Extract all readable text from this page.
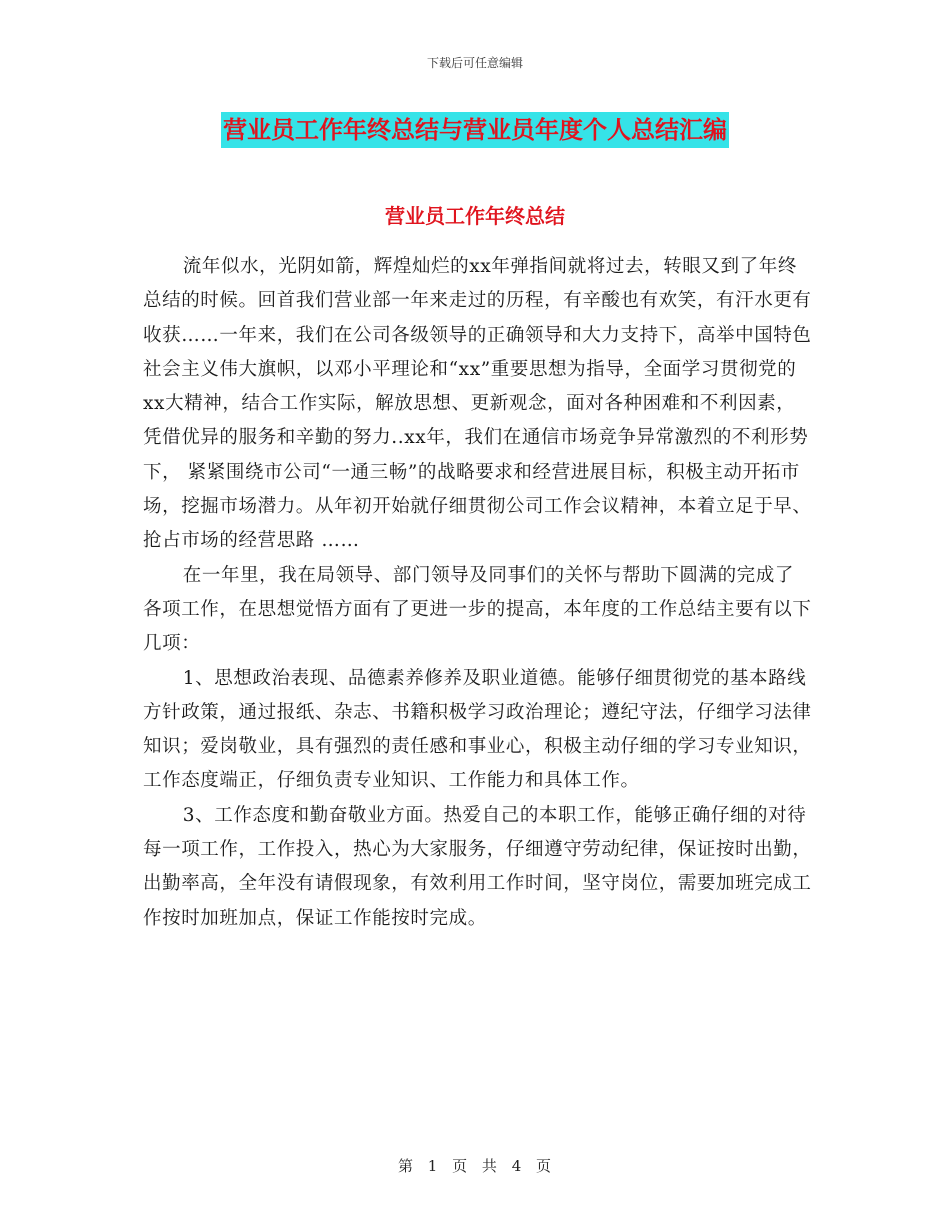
下载后可任意编辑
营业员工作年终总结与营业员年度个人总结汇编
营业员工作年终总结

流年似水，光阴如箭，辉煌灿烂的xx年弹指间就将过去，转眼又到了年终总结的时候。回首我们营业部一年来走过的历程，有辛酸也有欢笑，有汗水更有收获……一年来，我们在公司各级领导的正确领导和大力支持下，高举中国特色社会主义伟大旗帜，以邓小平理论和“xx”重要思想为指导，全面学习贯彻党的xx大精神，结合工作实际，解放思想、更新观念，面对各种困难和不利因素，凭借优异的服务和辛勤的努力..xx年，我们在通信市场竞争异常激烈的不利形势下， 紧紧围绕市公司“一通三畅”的战略要求和经营进展目标，积极主动开拓市场，挖掘市场潜力。从年初开始就仔细贯彻公司工作会议精神，本着立足于早、抢占市场的经营思路 ……

在一年里，我在局领导、部门领导及同事们的关怀与帮助下圆满的完成了各项工作，在思想觉悟方面有了更进一步的提高，本年度的工作总结主要有以下几项：

1、思想政治表现、品德素养修养及职业道德。能够仔细贯彻党的基本路线方针政策，通过报纸、杂志、书籍积极学习政治理论；遵纪守法，仔细学习法律知识；爱岗敬业，具有强烈的责任感和事业心，积极主动仔细的学习专业知识，工作态度端正，仔细负责专业知识、工作能力和具体工作。

3、工作态度和勤奋敬业方面。热爱自己的本职工作，能够正确仔细的对待每一项工作，工作投入，热心为大家服务，仔细遵守劳动纪律，保证按时出勤，出勤率高，全年没有请假现象，有效利用工作时间，坚守岗位，需要加班完成工作按时加班加点，保证工作能按时完成。

第 1 页 共 4 页
